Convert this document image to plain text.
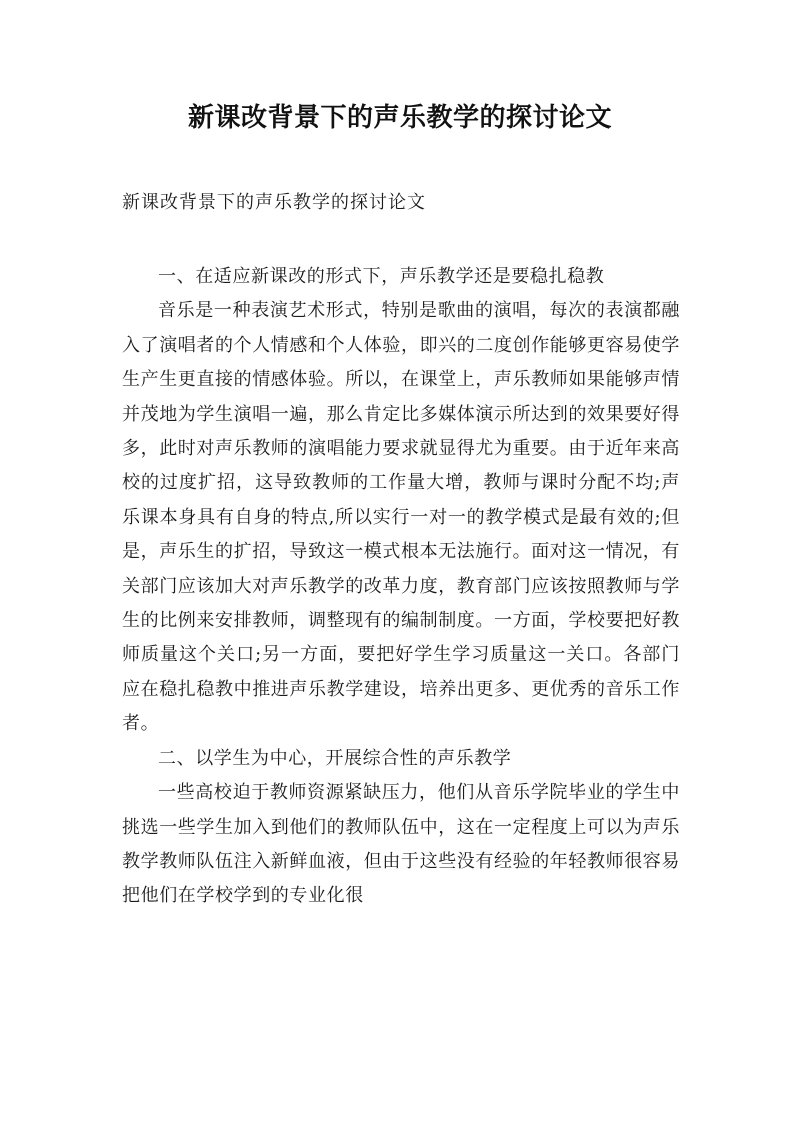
新课改背景下的声乐教学的探讨论文

新课改背景下的声乐教学的探讨论文

一、在适应新课改的形式下，声乐教学还是要稳扎稳教

音乐是一种表演艺术形式，特别是歌曲的演唱，每次的表演都融入了演唱者的个人情感和个人体验，即兴的二度创作能够更容易使学生产生更直接的情感体验。所以，在课堂上，声乐教师如果能够声情并茂地为学生演唱一遍，那么肯定比多媒体演示所达到的效果要好得多，此时对声乐教师的演唱能力要求就显得尤为重要。由于近年来高校的过度扩招，这导致教师的工作量大增，教师与课时分配不均;声乐课本身具有自身的特点,所以实行一对一的教学模式是最有效的;但是，声乐生的扩招，导致这一模式根本无法施行。面对这一情况，有关部门应该加大对声乐教学的改革力度，教育部门应该按照教师与学生的比例来安排教师，调整现有的编制制度。一方面，学校要把好教师质量这个关口;另一方面，要把好学生学习质量这一关口。各部门应在稳扎稳教中推进声乐教学建设，培养出更多、更优秀的音乐工作者。

二、以学生为中心，开展综合性的声乐教学

一些高校迫于教师资源紧缺压力，他们从音乐学院毕业的学生中挑选一些学生加入到他们的教师队伍中，这在一定程度上可以为声乐教学教师队伍注入新鲜血液，但由于这些没有经验的年轻教师很容易把他们在学校学到的专业化很
